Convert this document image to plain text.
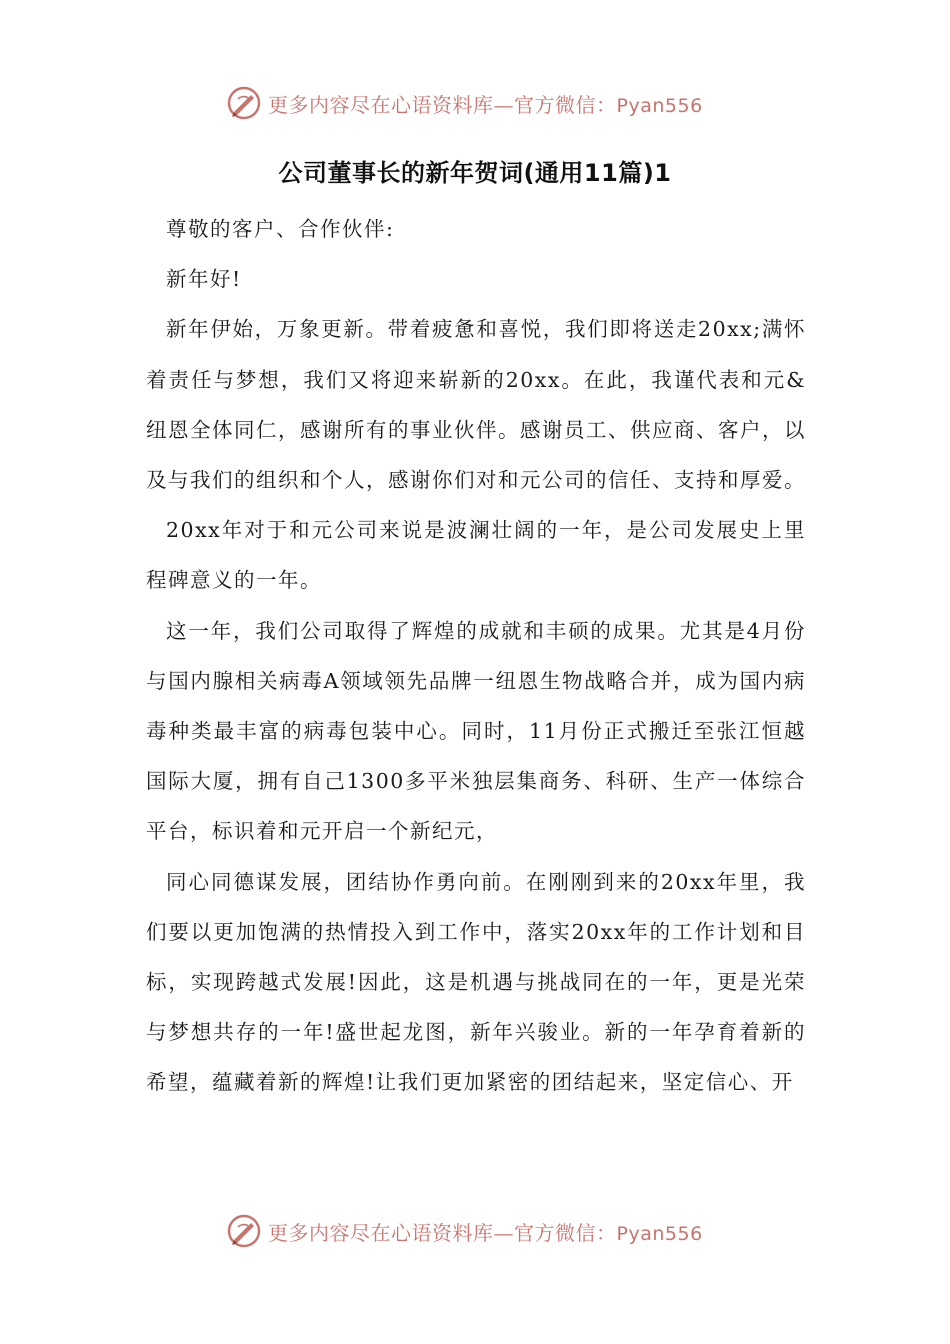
更多内容尽在心语资料库—官方微信：Pyan556
公司董事长的新年贺词(通用11篇)1

尊敬的客户、合作伙伴:

新年好!

新年伊始，万象更新。带着疲惫和喜悦，我们即将送走20xx;满怀着责任与梦想，我们又将迎来崭新的20xx。在此，我谨代表和元&纽恩全体同仁，感谢所有的事业伙伴。感谢员工、供应商、客户，以及与我们的组织和个人，感谢你们对和元公司的信任、支持和厚爱。

20xx年对于和元公司来说是波澜壮阔的一年，是公司发展史上里程碑意义的一年。

这一年，我们公司取得了辉煌的成就和丰硕的成果。尤其是4月份与国内腺相关病毒A领域领先品牌一纽恩生物战略合并，成为国内病毒种类最丰富的病毒包装中心。同时，11月份正式搬迁至张江恒越国际大厦，拥有自己1300多平米独层集商务、科研、生产一体综合平台，标识着和元开启一个新纪元，

同心同德谋发展，团结协作勇向前。在刚刚到来的20xx年里，我们要以更加饱满的热情投入到工作中，落实20xx年的工作计划和目标，实现跨越式发展!因此，这是机遇与挑战同在的一年，更是光荣与梦想共存的一年!盛世起龙图，新年兴骏业。新的一年孕育着新的希望，蕴藏着新的辉煌!让我们更加紧密的团结起来，坚定信心、开

更多内容尽在心语资料库—官方微信：Pyan556
